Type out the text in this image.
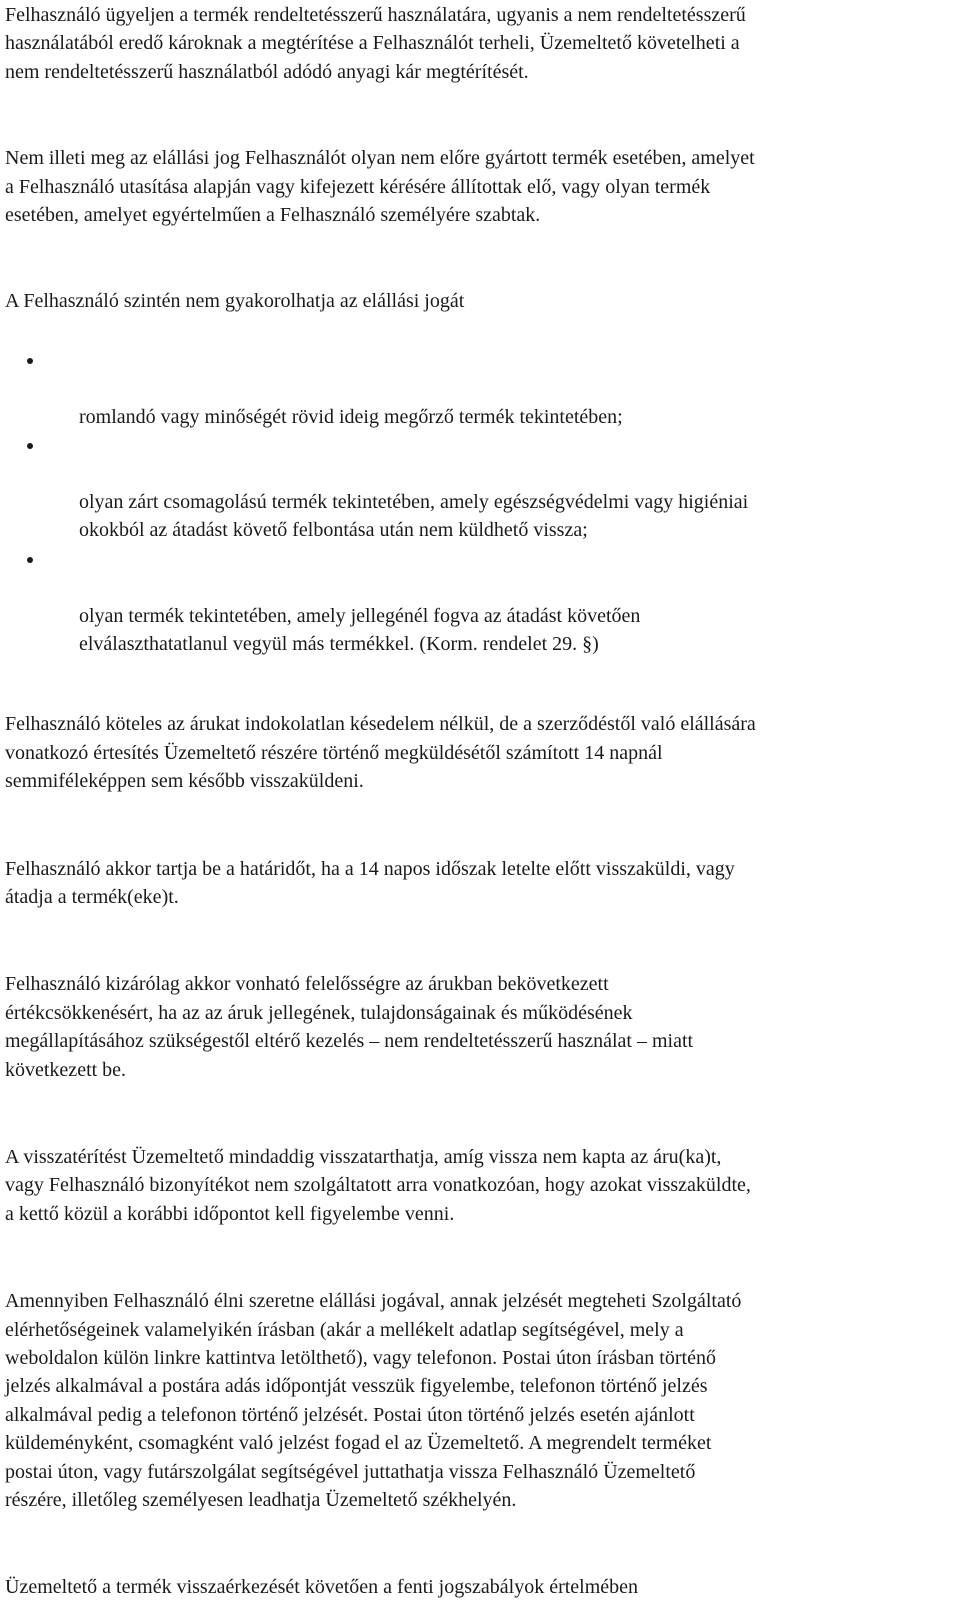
Felhasználó ügyeljen a termék rendeltetésszerű használatára, ugyanis a nem rendeltetésszerű
használatából eredő károknak a megtérítése a Felhasználót terheli, Üzemeltető követelheti a
nem rendeltetésszerű használatból adódó anyagi kár megtérítését.

Nem illeti meg az elállási jog Felhasználót olyan nem előre gyártott termék esetében, amelyet
a Felhasználó utasítása alapján vagy kifejezett kérésére állítottak elő, vagy olyan termék
esetében, amelyet egyértelműen a Felhasználó személyére szabtak.

A Felhasználó szintén nem gyakorolhatja az elállási jogát

romlandó vagy minőségét rövid ideig megőrző termék tekintetében;

olyan zárt csomagolású termék tekintetében, amely egészségvédelmi vagy higiéniai
okokból az átadást követő felbontása után nem küldhető vissza;

olyan termék tekintetében, amely jellegénél fogva az átadást követően
elválaszthatatlanul vegyül más termékkel. (Korm. rendelet 29. §)

Felhasználó köteles az árukat indokolatlan késedelem nélkül, de a szerződéstől való elállására
vonatkozó értesítés Üzemeltető részére történő megküldésétől számított 14 napnál
semmiféleképpen sem később visszaküldeni.

Felhasználó akkor tartja be a határidőt, ha a 14 napos időszak letelte előtt visszaküldi, vagy
átadja a termék(eke)t.

Felhasználó kizárólag akkor vonható felelősségre az árukban bekövetkezett
értékcsökkenésért, ha az az áruk jellegének, tulajdonságainak és működésének
megállapításához szükségestől eltérő kezelés – nem rendeltetésszerű használat – miatt
következett be.

A visszatérítést Üzemeltető mindaddig visszatarthatja, amíg vissza nem kapta az áru(ka)t,
vagy Felhasználó bizonyítékot nem szolgáltatott arra vonatkozóan, hogy azokat visszaküldte,
a kettő közül a korábbi időpontot kell figyelembe venni.

Amennyiben Felhasználó élni szeretne elállási jogával, annak jelzését megteheti Szolgáltató
elérhetőségeinek valamelyikén írásban (akár a mellékelt adatlap segítségével, mely a
weboldalon külön linkre kattintva letölthető), vagy telefonon. Postai úton írásban történő
jelzés alkalmával a postára adás időpontját vesszük figyelembe, telefonon történő jelzés
alkalmával pedig a telefonon történő jelzését. Postai úton történő jelzés esetén ajánlott
küldeményként, csomagként való jelzést fogad el az Üzemeltető. A megrendelt terméket
postai úton, vagy futárszolgálat segítségével juttathatja vissza Felhasználó Üzemeltető
részére, illetőleg személyesen leadhatja Üzemeltető székhelyén.

Üzemeltető a termék visszaérkezését követően a fenti jogszabályok értelmében
